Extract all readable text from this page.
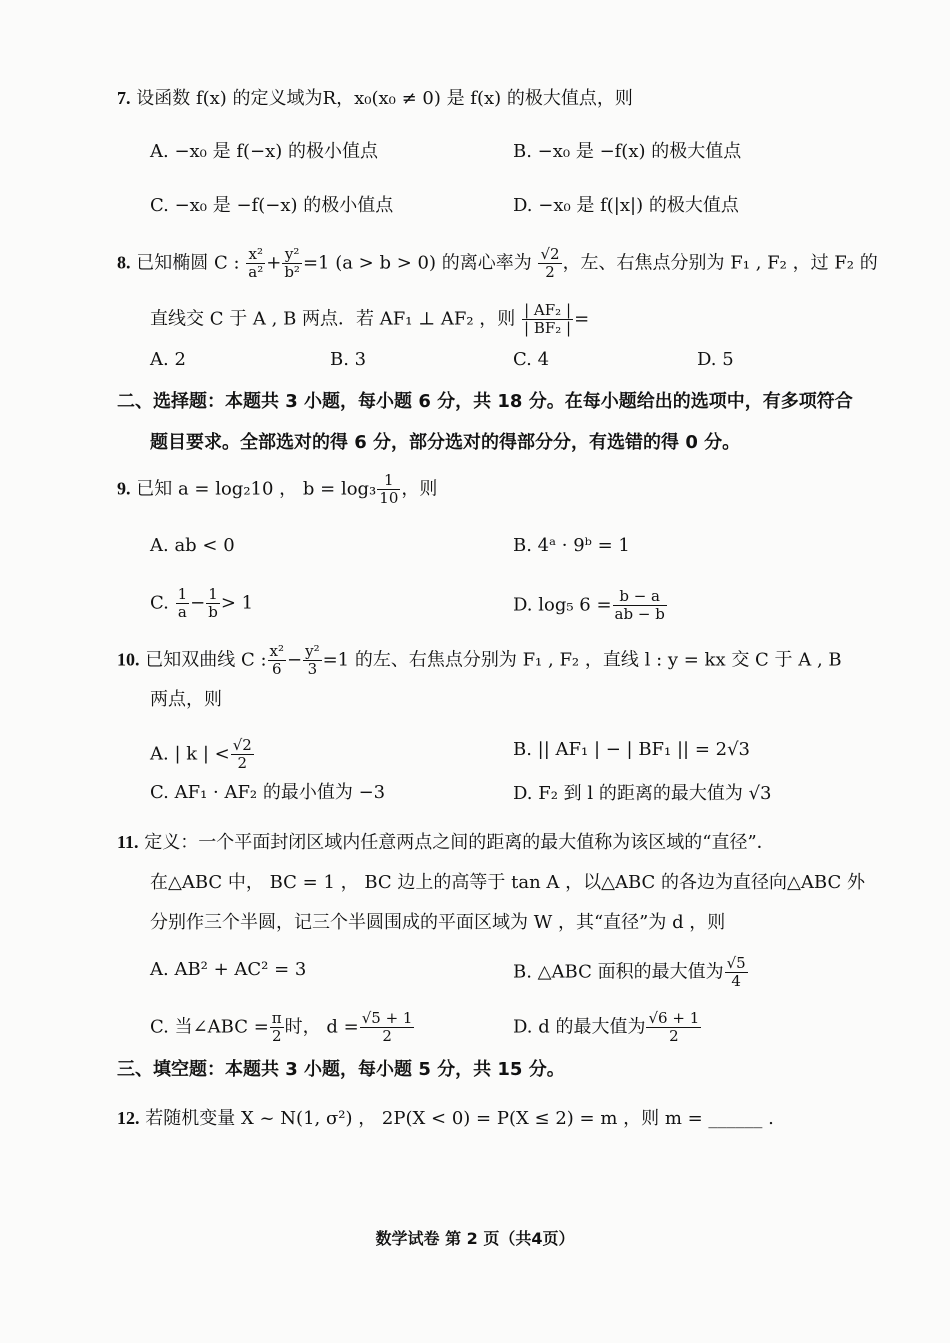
7. 设函数 f(x) 的定义域为R，x₀(x₀ ≠ 0) 是 f(x) 的极大值点，则
A. −x₀ 是 f(−x) 的极小值点	B. −x₀ 是 −f(x) 的极大值点
C. −x₀ 是 −f(−x) 的极小值点	D. −x₀ 是 f(|x|) 的极大值点
8. 已知椭圆 C : $\frac{\text{x²}}{\text{a²}} + \frac{\text{y²}}{\text{b²}} =1$ (a > b > 0) 的离心率为 $\frac{√2}{2}$ ，左、右焦点分别为 F₁ , F₂ ，过 F₂ 的
直线交 C 于 A , B 两点．若 AF₁ ⊥ AF₂ ，则 $\frac{\text{| AF₂ |}}{\text{| BF₂ |}}$ =
A. 2	B. 3	C. 4	D. 5
二、选择题：本题共 3 小题，每小题 6 分，共 18 分。在每小题给出的选项中，有多项符合
题目要求。全部选对的得 6 分，部分选对的得部分分，有选错的得 0 分。
9. 已知 a = log₂10 ， $b = \log_3 \frac{1}{10}$ ，则
A. ab < 0	B. 4ᵃ · 9ᵇ = 1
C. $\frac{1}{a} - \frac{1}{b} > 1$	D. log₅ $6 = \frac{b - a}{ab - b}$
10. 已知双曲线 C : $\frac{\text{x²}}{6} - \frac{\text{y²}}{3} =1$ 的左、右焦点分别为 F₁ , F₂ ，直线 l : y = kx 交 C 于 A , B
两点，则
A. | k | < $\frac{√2}{2}$	B. || AF₁ | − | BF₁ || = 2√3
C. AF₁ · AF₂ 的最小值为 −3	D. F₂ 到 l 的距离的最大值为 √3
11. 定义：一个平面封闭区域内任意两点之间的距离的最大值称为该区域的“直径”．
在△ABC 中， BC = 1 ， BC 边上的高等于 tan A ，以△ABC 的各边为直径向△ABC 外
分别作三个半圆，记三个半圆围成的平面区域为 W ，其“直径”为 d ，则
A. AB² + AC² = 3	B. △ABC 面积的最大值为 $\frac{√5}{4}$
C. 当∠ABC = $\frac{\pi}{2}$ 时， $d = \frac{√5 + 1}{2}$	D. d 的最大值为 $\frac{√6 + 1}{2}$
三、填空题：本题共 3 小题，每小题 5 分，共 15 分。
12. 若随机变量 X ~ N(1, σ²) ， 2P(X < 0) = P(X ≤ 2) = m ，则 m = ______ .
数学试卷 第 2 页（共4页）
